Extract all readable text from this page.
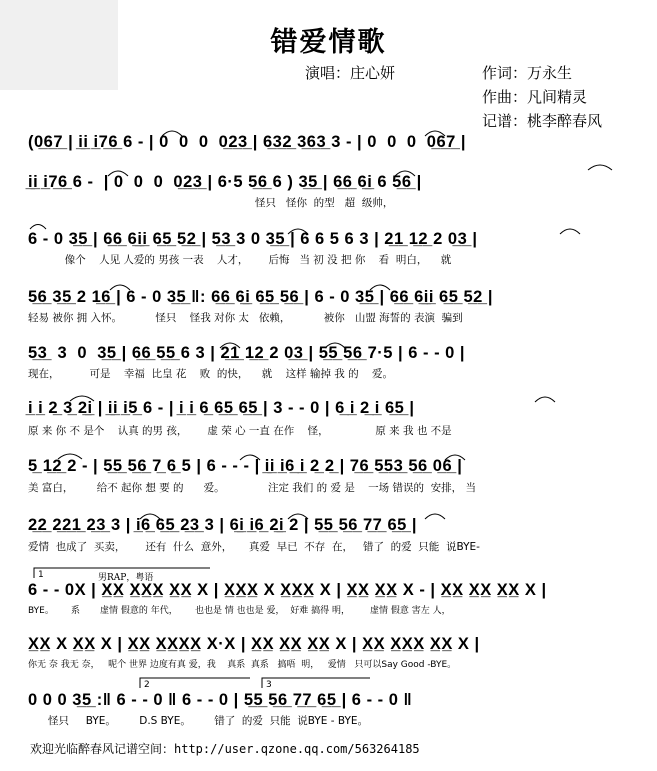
错爱情歌
演唱：庄心妍	作词：万永生
作曲：凡间精灵
记谱：桃李醉春风
(0̲6̲7̲ | i̲i̲ i̲7̲6̲ 6 - | 0  0  0  0̲2̲3̲ | 6̲3̲2̲ 3̲6̲3̲ 3 - | 0  0  0  0̲6̲7̲ |
i̲i̲ i̲7̲6̲ 6 -  | 0  0  0  0̲2̲3̲ | 6·5 5̲6̲ 6 ) 3̲5̲ | 6̲6̲ 6̲i̲ 6 5̲6̲ |
怪只   怪你  的型   超  级帅，
6 - 0 3̲5̲ | 6̲6̲ 6̲i̲i̲ 6̲5̲ 5̲2̲ | 5̲3̲ 3 0 3̲5̲ | 6 6 5 6 3 | 2̲1̲ 1̲2̲ 2 0̲3̲ |
像个    人见 人爱的 男孩 一表    人才，      后悔   当 初 没 把 你    看  明白，    就
5̲6̲ 3̲5̲ 2 1̲6̲ | 6 - 0 3̲5̲ ‖: 6̲6̲ 6̲i̲ 6̲5̲ 5̲6̲ | 6 - 0 3̲5̲ | 6̲6̲ 6̲i̲i̲ 6̲5̲ 5̲2̲ |
轻易 被你 拥 入怀。          怪只    怪我 对你 太   依赖，          被你   山盟 海誓的 表演  骗到
5̲3̲  3  0  3̲5̲ | 6̲6̲ 5̲5̲ 6 3 | 2̲1̲ 1̲2̲ 2 0̲3̲ | 5̲5̲ 5̲6̲ 7·5 | 6 - - 0 |
现在，         可是    幸福  比皇 花    败  的快，    就    这样 输掉 我 的    爱。
i̲ i̲ 2̲ 3̲ 2̲i̲ | i̲i̲ i̲5̲ 6 - | i̲ i̲ 6̲ 6̲5̲ 6̲5̲ | 3 - - 0 | 6̲ i̲ 2̲ i̲ 6̲5̲ |
原 来 你 不 是个    认真 的男 孩，      虚 荣 心 一直 在作    怪，              原 来 我 也 不是
5̲ 1̲2̲ 2 - | 5̲5̲ 5̲6̲ 7̲ 6̲ 5 | 6 - - - | i̲i̲ i̲6̲ i̲ 2̲ 2̲ | 7̲6̲ 5̲5̲3̲ 5̲6̲ 0̲6̲ |
美 富白，       给不 起你 想 要 的      爱。             注定 我们 的 爱 是    一场 错误的  安排， 当
2̲2̲ 2̲2̲1̲ 2̲3̲ 3 | i̲6̲ 6̲5̲ 2̲3̲ 3 | 6̲i̲ i̲6̲ 2̲i̲ 2 | 5̲5̲ 5̲6̲ 7̲7̲ 6̲5̲ |
爱情  也成了  买卖，      还有  什么  意外，     真爱  早已  不存  在，   错了  的爱  只能  说BYE-
男RAP，粤语
6 - - 0X | X̲X̲ X̲X̲X̲ X̲X̲ X | X̲X̲X̲ X X̲X̲X̲ X | X̲X̲ X̲X̲ X - | X̲X̲ X̲X̲ X̲X̲ X |
BYE。      系       虚情 假意的 年代，      也也是 情 也也是 爱，  好难 搞得 明，       虚情 假意 害左 人，
X̲X̲ X X̲X̲ X | X̲X̲ X̲X̲X̲X̲ X·X | X̲X̲ X̲X̲ X̲X̲ X | X̲X̲ X̲X̲X̲ X̲X̲ X |
你无 奈 我无 奈，   呢个 世界 边度有真 爱，我    真系  真系   搞唔  明，   爱情   只可以Say Good -BYE。
0 0 0 3̲5̲ :‖ 6 - - 0 ‖ 6 - - 0 | 5̲5̲ 5̲6̲ 7̲7̲ 6̲5̲ | 6 - - 0 ‖
怪只     BYE。       D.S BYE。       错了  的爱  只能  说BYE - BYE。
1
2	3
欢迎光临醉春风记谱空间：http://user.qzone.qq.com/563264185
